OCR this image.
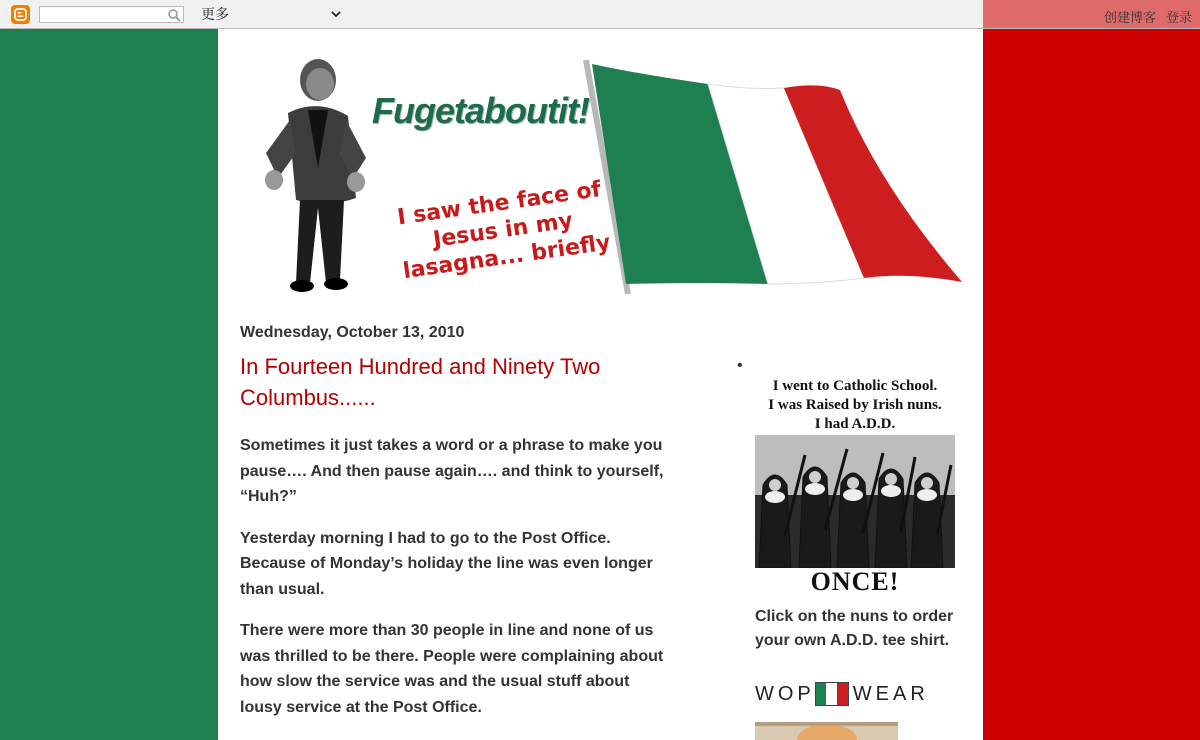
更多	创建博客 登录
Fugetaboutit!
I saw the face of Jesus in my lasagna... briefly
Wednesday, October 13, 2010
In Fourteen Hundred and Ninety Two Columbus......

Sometimes it just takes a word or a phrase to make you pause…. And then pause again…. and think to yourself, “Huh?”

Yesterday morning I had to go to the Post Office. Because of Monday’s holiday the line was even longer than usual.

There were more than 30 people in line and none of us was thrilled to be there. People were complaining about how slow the service was and the usual stuff about lousy service at the Post Office.

•
I went to Catholic School.
I was Raised by Irish nuns.
I had A.D.D.
ONCE!
Click on the nuns to order your own A.D.D. tee shirt.
WOP WEAR
